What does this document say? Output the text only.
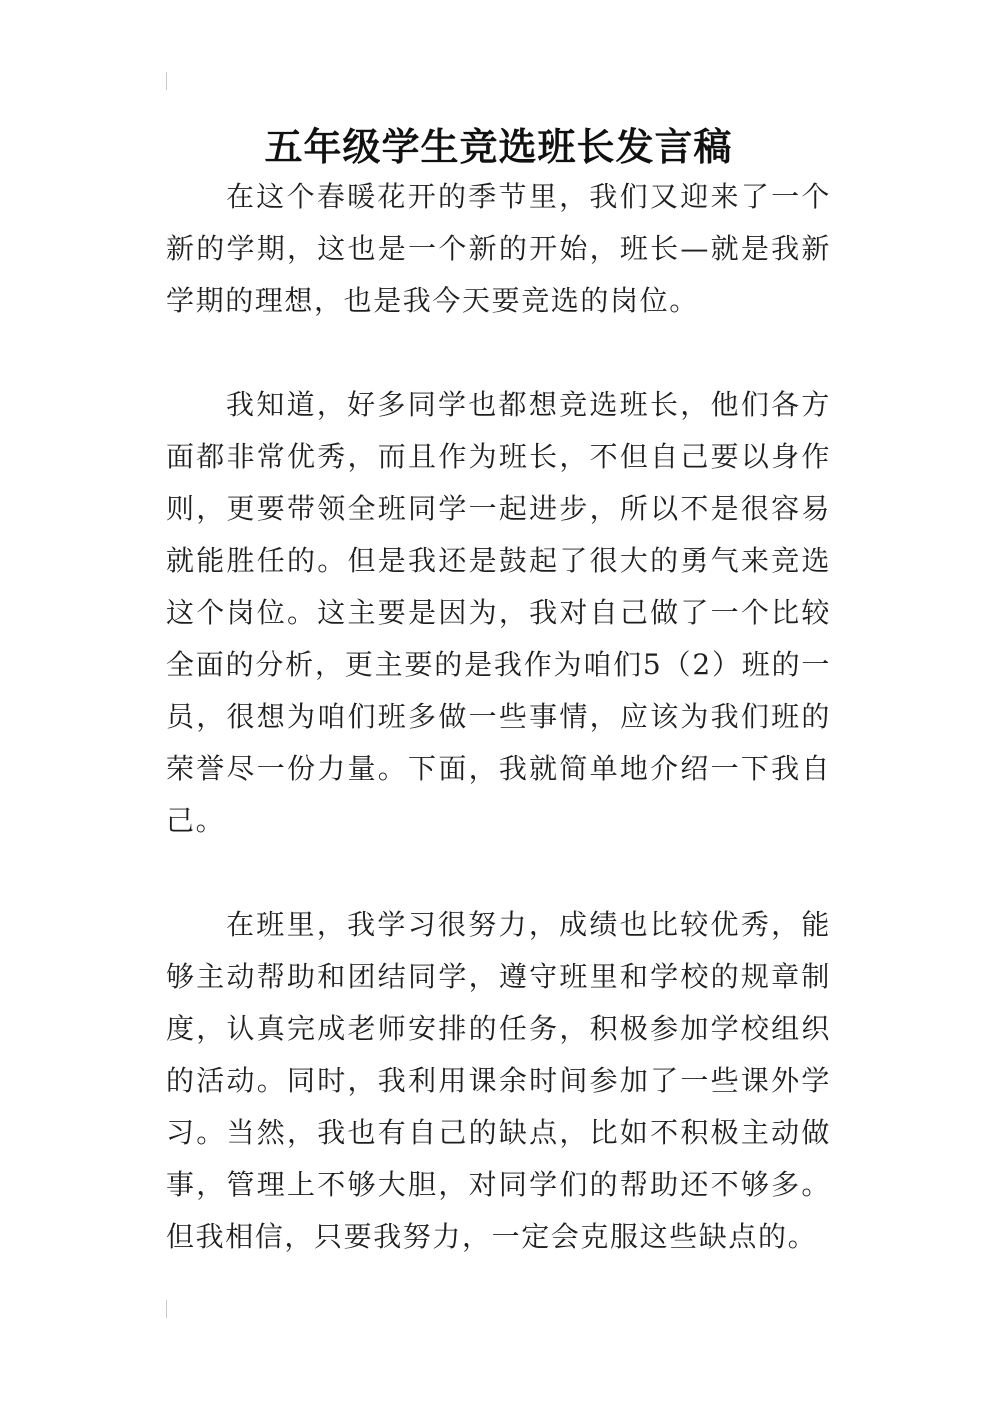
五年级学生竞选班长发言稿

在这个春暖花开的季节里，我们又迎来了一个新的学期，这也是一个新的开始，班长—就是我新学期的理想，也是我今天要竞选的岗位。

我知道，好多同学也都想竞选班长，他们各方面都非常优秀，而且作为班长，不但自己要以身作则，更要带领全班同学一起进步，所以不是很容易就能胜任的。但是我还是鼓起了很大的勇气来竞选这个岗位。这主要是因为，我对自己做了一个比较全面的分析，更主要的是我作为咱们5（2）班的一员，很想为咱们班多做一些事情，应该为我们班的荣誉尽一份力量。下面，我就简单地介绍一下我自己。

在班里，我学习很努力，成绩也比较优秀，能够主动帮助和团结同学，遵守班里和学校的规章制度，认真完成老师安排的任务，积极参加学校组织的活动。同时，我利用课余时间参加了一些课外学习。当然，我也有自己的缺点，比如不积极主动做事，管理上不够大胆，对同学们的帮助还不够多。但我相信，只要我努力，一定会克服这些缺点的。
